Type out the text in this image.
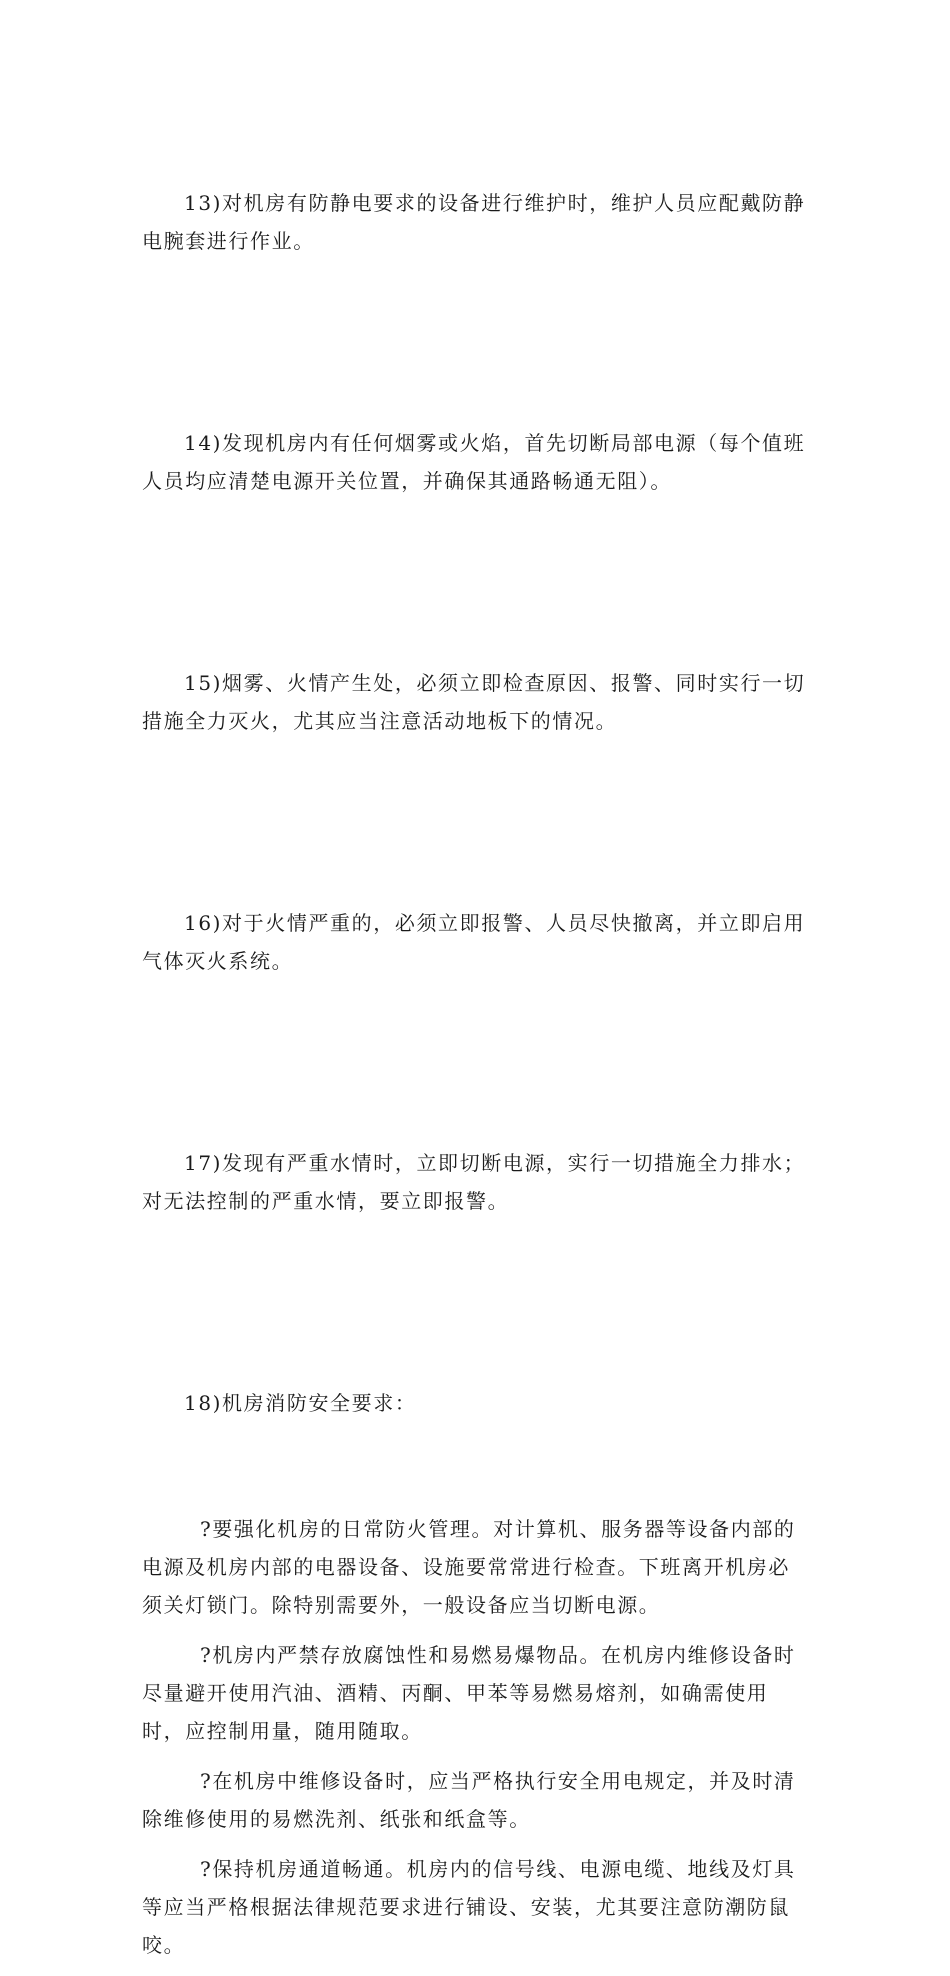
13)对机房有防静电要求的设备进行维护时，维护人员应配戴防静
电腕套进行作业。

14)发现机房内有任何烟雾或火焰，首先切断局部电源（每个值班
人员均应清楚电源开关位置，并确保其通路畅通无阻）。

15)烟雾、火情产生处，必须立即检查原因、报警、同时实行一切
措施全力灭火，尤其应当注意活动地板下的情况。

16)对于火情严重的，必须立即报警、人员尽快撤离，并立即启用
气体灭火系统。

17)发现有严重水情时，立即切断电源，实行一切措施全力排水；
对无法控制的严重水情，要立即报警。

18)机房消防安全要求：

?要强化机房的日常防火管理。对计算机、服务器等设备内部的
电源及机房内部的电器设备、设施要常常进行检查。下班离开机房必
须关灯锁门。除特别需要外，一般设备应当切断电源。

?机房内严禁存放腐蚀性和易燃易爆物品。在机房内维修设备时
尽量避开使用汽油、酒精、丙酮、甲苯等易燃易熔剂，如确需使用
时，应控制用量，随用随取。

?在机房中维修设备时，应当严格执行安全用电规定，并及时清
除维修使用的易燃洗剂、纸张和纸盒等。

?保持机房通道畅通。机房内的信号线、电源电缆、地线及灯具
等应当严格根据法律规范要求进行铺设、安装，尤其要注意防潮防鼠
咬。
